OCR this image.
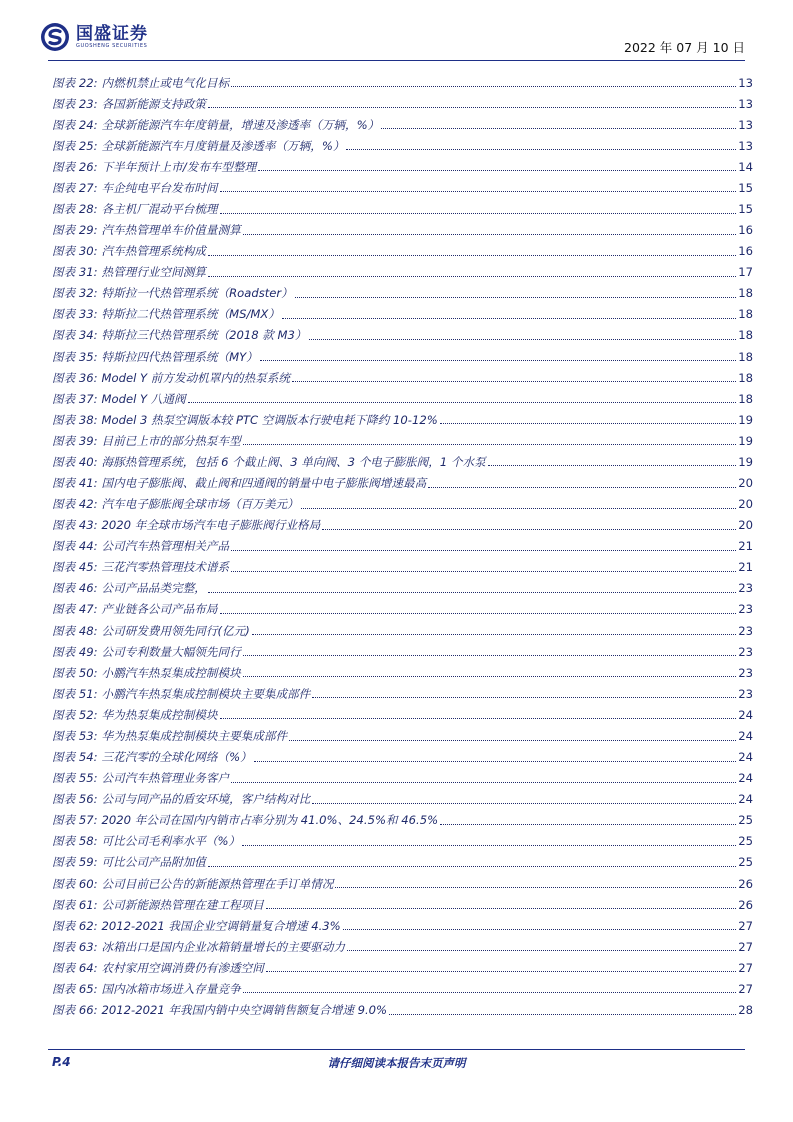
国盛证券
GUOSHENG SECURITIES	2022 年 07 月 10 日
图表 22: 内燃机禁止或电气化目标	13
图表 23: 各国新能源支持政策	13
图表 24: 全球新能源汽车年度销量，增速及渗透率（万辆，%）	13
图表 25: 全球新能源汽车月度销量及渗透率（万辆，%）	13
图表 26: 下半年预计上市/发布车型整理	14
图表 27: 车企纯电平台发布时间	15
图表 28: 各主机厂混动平台梳理	15
图表 29: 汽车热管理单车价值量测算	16
图表 30: 汽车热管理系统构成	16
图表 31: 热管理行业空间测算	17
图表 32: 特斯拉一代热管理系统（Roadster）	18
图表 33: 特斯拉二代热管理系统（MS/MX）	18
图表 34: 特斯拉三代热管理系统（2018 款 M3）	18
图表 35: 特斯拉四代热管理系统（MY）	18
图表 36: Model Y 前方发动机罩内的热泵系统	18
图表 37: Model Y 八通阀	18
图表 38: Model 3 热泵空调版本较 PTC 空调版本行驶电耗下降约 10-12%	19
图表 39: 目前已上市的部分热泵车型	19
图表 40: 海豚热管理系统，包括 6 个截止阀、3 单向阀、3 个电子膨胀阀，1 个水泵	19
图表 41: 国内电子膨胀阀、截止阀和四通阀的销量中电子膨胀阀增速最高	20
图表 42: 汽车电子膨胀阀全球市场（百万美元）	20
图表 43: 2020 年全球市场汽车电子膨胀阀行业格局	20
图表 44: 公司汽车热管理相关产品	21
图表 45: 三花汽零热管理技术谱系	21
图表 46: 公司产品品类完整，	23
图表 47: 产业链各公司产品布局	23
图表 48: 公司研发费用领先同行(亿元)	23
图表 49: 公司专利数量大幅领先同行	23
图表 50: 小鹏汽车热泵集成控制模块	23
图表 51: 小鹏汽车热泵集成控制模块主要集成部件	23
图表 52: 华为热泵集成控制模块	24
图表 53: 华为热泵集成控制模块主要集成部件	24
图表 54: 三花汽零的全球化网络（%）	24
图表 55: 公司汽车热管理业务客户	24
图表 56: 公司与同产品的盾安环境，客户结构对比	24
图表 57: 2020 年公司在国内内销市占率分别为 41.0%、24.5%和 46.5%	25
图表 58: 可比公司毛利率水平（%）	25
图表 59: 可比公司产品附加值	25
图表 60: 公司目前已公告的新能源热管理在手订单情况	26
图表 61: 公司新能源热管理在建工程项目	26
图表 62: 2012-2021 我国企业空调销量复合增速 4.3%	27
图表 63: 冰箱出口是国内企业冰箱销量增长的主要驱动力	27
图表 64: 农村家用空调消费仍有渗透空间	27
图表 65: 国内冰箱市场进入存量竞争	27
图表 66: 2012-2021 年我国内销中央空调销售额复合增速 9.0%	28
P.4	请仔细阅读本报告末页声明
